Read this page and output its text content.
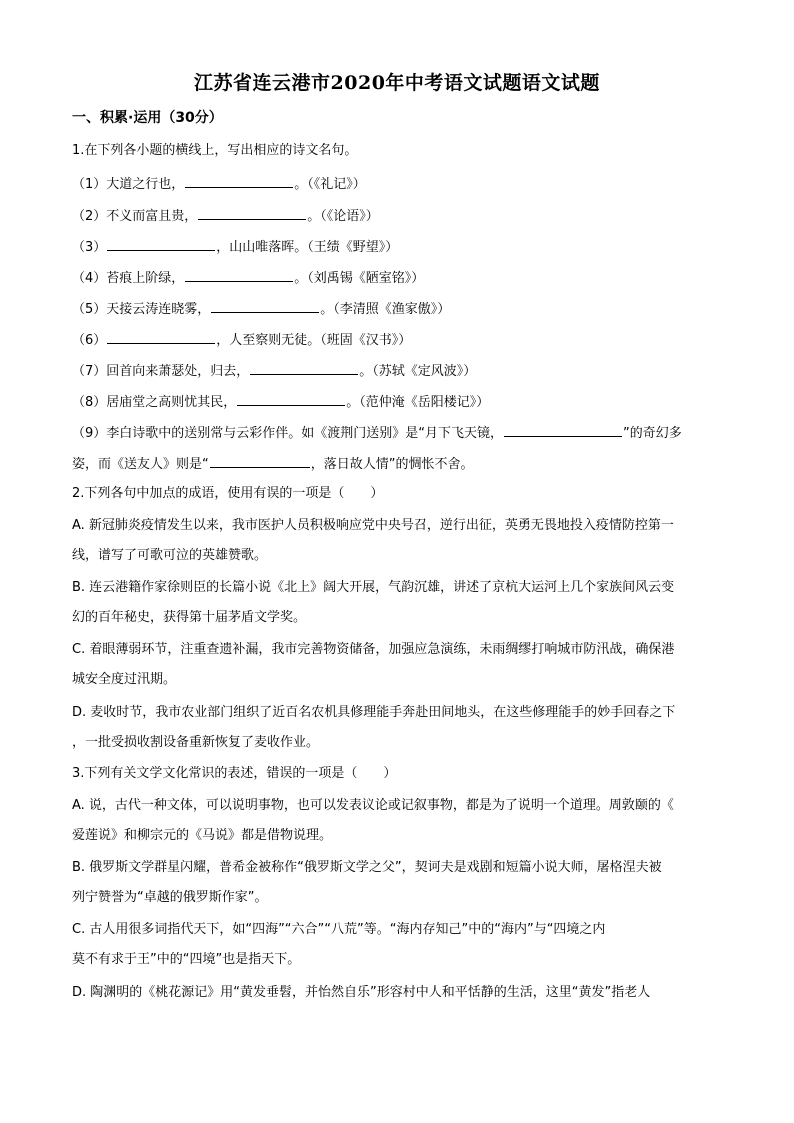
江苏省连云港市2020年中考语文试题语文试题
一、积累·运用（30分）
1.在下列各小题的横线上，写出相应的诗文名句。
（1）大道之行也，	。（《礼记》）
（2）不义而富且贵，	。（《论语》）
（3）	，山山唯落晖。（王绩《野望》）
（4）苔痕上阶绿，	。（刘禹锡《陋室铭》）
（5）天接云涛连晓雾，	。（李清照《渔家傲》）
（6）	，人至察则无徒。（班固《汉书》）
（7）回首向来萧瑟处，归去，	。（苏轼《定风波》）
（8）居庙堂之高则忧其民，	。（范仲淹《岳阳楼记》）
（9）李白诗歌中的送别常与云彩作伴。如《渡荆门送别》是“月下飞天镜，	”的奇幻多
姿，而《送友人》则是“	，落日故人情”的惆怅不舍。
2.下列各句中加点的成语，使用有误的一项是（　　）
A. 新冠肺炎疫情发生以来，我市医护人员积极响应党中央号召，逆行出征，英勇无畏地投入疫情防控第一
线，谱写了可歌可泣的英雄赞歌。
B. 连云港籍作家徐则臣的长篇小说《北上》阔大开展，气韵沉雄，讲述了京杭大运河上几个家族间风云变
幻的百年秘史，获得第十届茅盾文学奖。
C. 着眼薄弱环节，注重查遗补漏，我市完善物资储备，加强应急演练，未雨绸缪打响城市防汛战，确保港
城安全度过汛期。
D. 麦收时节，我市农业部门组织了近百名农机具修理能手奔赴田间地头，在这些修理能手的妙手回春之下
，一批受损收割设备重新恢复了麦收作业。
3.下列有关文学文化常识的表述，错误的一项是（　　）
A. 说，古代一种文体，可以说明事物，也可以发表议论或记叙事物，都是为了说明一个道理。周敦颐的《
爱莲说》和柳宗元的《马说》都是借物说理。
B. 俄罗斯文学群星闪耀，普希金被称作“俄罗斯文学之父”，契诃夫是戏剧和短篇小说大师，屠格涅夫被
列宁赞誉为“卓越的俄罗斯作家”。
C. 古人用很多词指代天下，如“四海”“六合”“八荒”等。“海内存知己”中的“海内”与“四境之内
莫不有求于王”中的“四境”也是指天下。
D. 陶渊明的《桃花源记》用“黄发垂髫，并怡然自乐”形容村中人和平恬静的生活，这里“黄发”指老人
